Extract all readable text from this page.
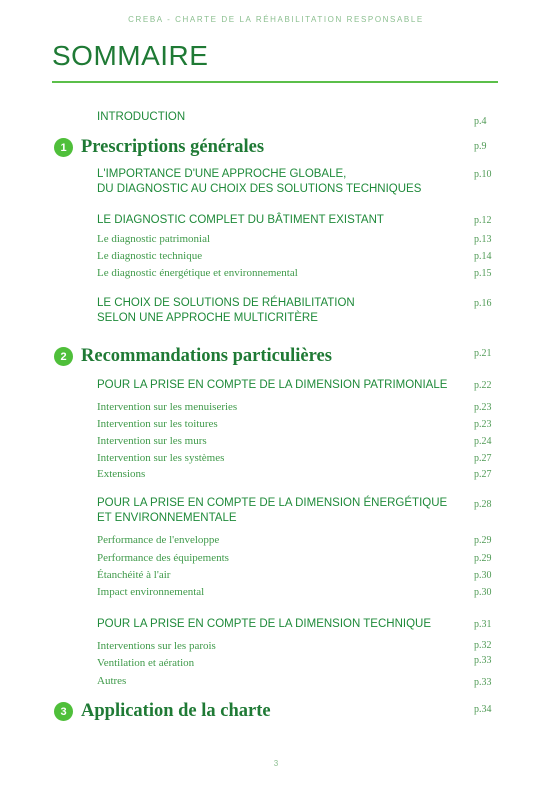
CREBA - CHARTE DE LA RÉHABILITATION RESPONSABLE
SOMMAIRE
INTRODUCTION	p.4
1 Prescriptions générales	p.9
L'IMPORTANCE D'UNE APPROCHE GLOBALE,
DU DIAGNOSTIC AU CHOIX DES SOLUTIONS TECHNIQUES
p.10
LE DIAGNOSTIC COMPLET DU BÂTIMENT EXISTANT	p.12
Le diagnostic patrimonial	p.13
Le diagnostic technique	p.14
Le diagnostic énergétique et environnemental	p.15
LE CHOIX DE SOLUTIONS DE RÉHABILITATION
SELON UNE APPROCHE MULTICRITÈRE
p.16
2 Recommandations particulières	p.21
POUR LA PRISE EN COMPTE DE LA DIMENSION PATRIMONIALE	p.22
Intervention sur les menuiseries	p.23
Intervention sur les toitures	p.23
Intervention sur les murs	p.24
Intervention sur les systèmes	p.27
Extensions	p.27
POUR LA PRISE EN COMPTE DE LA DIMENSION ÉNERGÉTIQUE
ET ENVIRONNEMENTALE
p.28
Performance de l'enveloppe	p.29
Performance des équipements	p.29
Étanchéité à l'air	p.30
Impact environnemental	p.30
POUR LA PRISE EN COMPTE DE LA DIMENSION TECHNIQUE	p.31
Interventions sur les parois	p.32
Ventilation et aération	p.33
Autres	p.33
3 Application de la charte	p.34
3
